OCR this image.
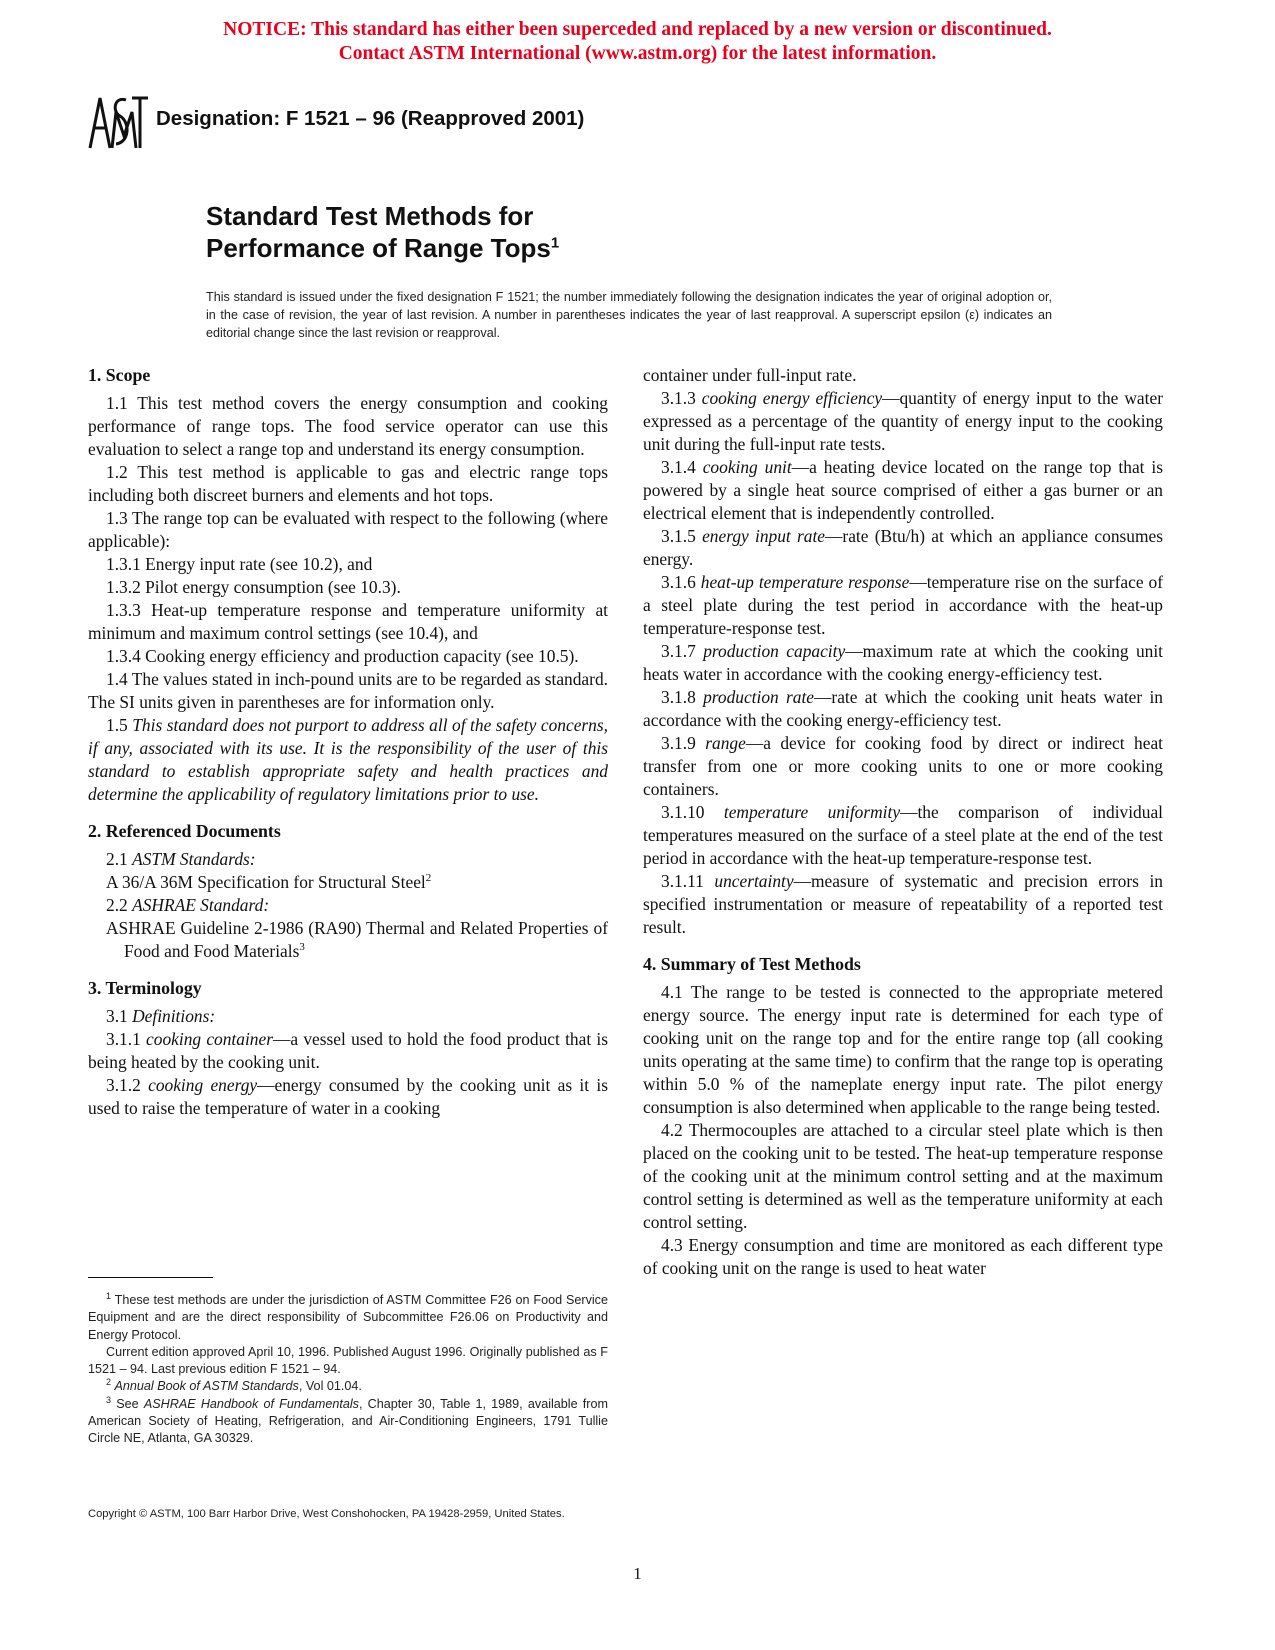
NOTICE: This standard has either been superceded and replaced by a new version or discontinued.
Contact ASTM International (www.astm.org) for the latest information.
Designation: F 1521 – 96 (Reapproved 2001)
Standard Test Methods for
Performance of Range Tops$^1$
This standard is issued under the fixed designation F 1521; the number immediately following the designation indicates the year of original adoption or, in the case of revision, the year of last revision. A number in parentheses indicates the year of last reapproval. A superscript epsilon (ε) indicates an editorial change since the last revision or reapproval.
1. Scope

1.1 This test method covers the energy consumption and cooking performance of range tops. The food service operator can use this evaluation to select a range top and understand its energy consumption.

1.2 This test method is applicable to gas and electric range tops including both discreet burners and elements and hot tops.

1.3 The range top can be evaluated with respect to the following (where applicable):

1.3.1 Energy input rate (see 10.2), and

1.3.2 Pilot energy consumption (see 10.3).

1.3.3 Heat-up temperature response and temperature uniformity at minimum and maximum control settings (see 10.4), and

1.3.4 Cooking energy efficiency and production capacity (see 10.5).

1.4 The values stated in inch-pound units are to be regarded as standard. The SI units given in parentheses are for information only.

1.5 This standard does not purport to address all of the safety concerns, if any, associated with its use. It is the responsibility of the user of this standard to establish appropriate safety and health practices and determine the applicability of regulatory limitations prior to use.

2. Referenced Documents

2.1 ASTM Standards:

A 36/A 36M Specification for Structural Steel$^2$

2.2 ASHRAE Standard:

ASHRAE Guideline 2-1986 (RA90) Thermal and Related Properties of Food and Food Materials$^3$

3. Terminology

3.1 Definitions:

3.1.1 cooking container—a vessel used to hold the food product that is being heated by the cooking unit.

3.1.2 cooking energy—energy consumed by the cooking unit as it is used to raise the temperature of water in a cooking

container under full-input rate.

3.1.3 cooking energy efficiency—quantity of energy input to the water expressed as a percentage of the quantity of energy input to the cooking unit during the full-input rate tests.

3.1.4 cooking unit—a heating device located on the range top that is powered by a single heat source comprised of either a gas burner or an electrical element that is independently controlled.

3.1.5 energy input rate—rate (Btu/h) at which an appliance consumes energy.

3.1.6 heat-up temperature response—temperature rise on the surface of a steel plate during the test period in accordance with the heat-up temperature-response test.

3.1.7 production capacity—maximum rate at which the cooking unit heats water in accordance with the cooking energy-efficiency test.

3.1.8 production rate—rate at which the cooking unit heats water in accordance with the cooking energy-efficiency test.

3.1.9 range—a device for cooking food by direct or indirect heat transfer from one or more cooking units to one or more cooking containers.

3.1.10 temperature uniformity—the comparison of individual temperatures measured on the surface of a steel plate at the end of the test period in accordance with the heat-up temperature-response test.

3.1.11 uncertainty—measure of systematic and precision errors in specified instrumentation or measure of repeatability of a reported test result.

4. Summary of Test Methods

4.1 The range to be tested is connected to the appropriate metered energy source. The energy input rate is determined for each type of cooking unit on the range top and for the entire range top (all cooking units operating at the same time) to confirm that the range top is operating within 5.0 % of the nameplate energy input rate. The pilot energy consumption is also determined when applicable to the range being tested.

4.2 Thermocouples are attached to a circular steel plate which is then placed on the cooking unit to be tested. The heat-up temperature response of the cooking unit at the minimum control setting and at the maximum control setting is determined as well as the temperature uniformity at each control setting.

4.3 Energy consumption and time are monitored as each different type of cooking unit on the range is used to heat water

$^1$ These test methods are under the jurisdiction of ASTM Committee F26 on Food Service Equipment and are the direct responsibility of Subcommittee F26.06 on Productivity and Energy Protocol.

Current edition approved April 10, 1996. Published August 1996. Originally published as F 1521 – 94. Last previous edition F 1521 – 94.

$^2$ Annual Book of ASTM Standards, Vol 01.04.

$^3$ See ASHRAE Handbook of Fundamentals, Chapter 30, Table 1, 1989, available from American Society of Heating, Refrigeration, and Air-Conditioning Engineers, 1791 Tullie Circle NE, Atlanta, GA 30329.

Copyright © ASTM, 100 Barr Harbor Drive, West Conshohocken, PA 19428-2959, United States.
1
